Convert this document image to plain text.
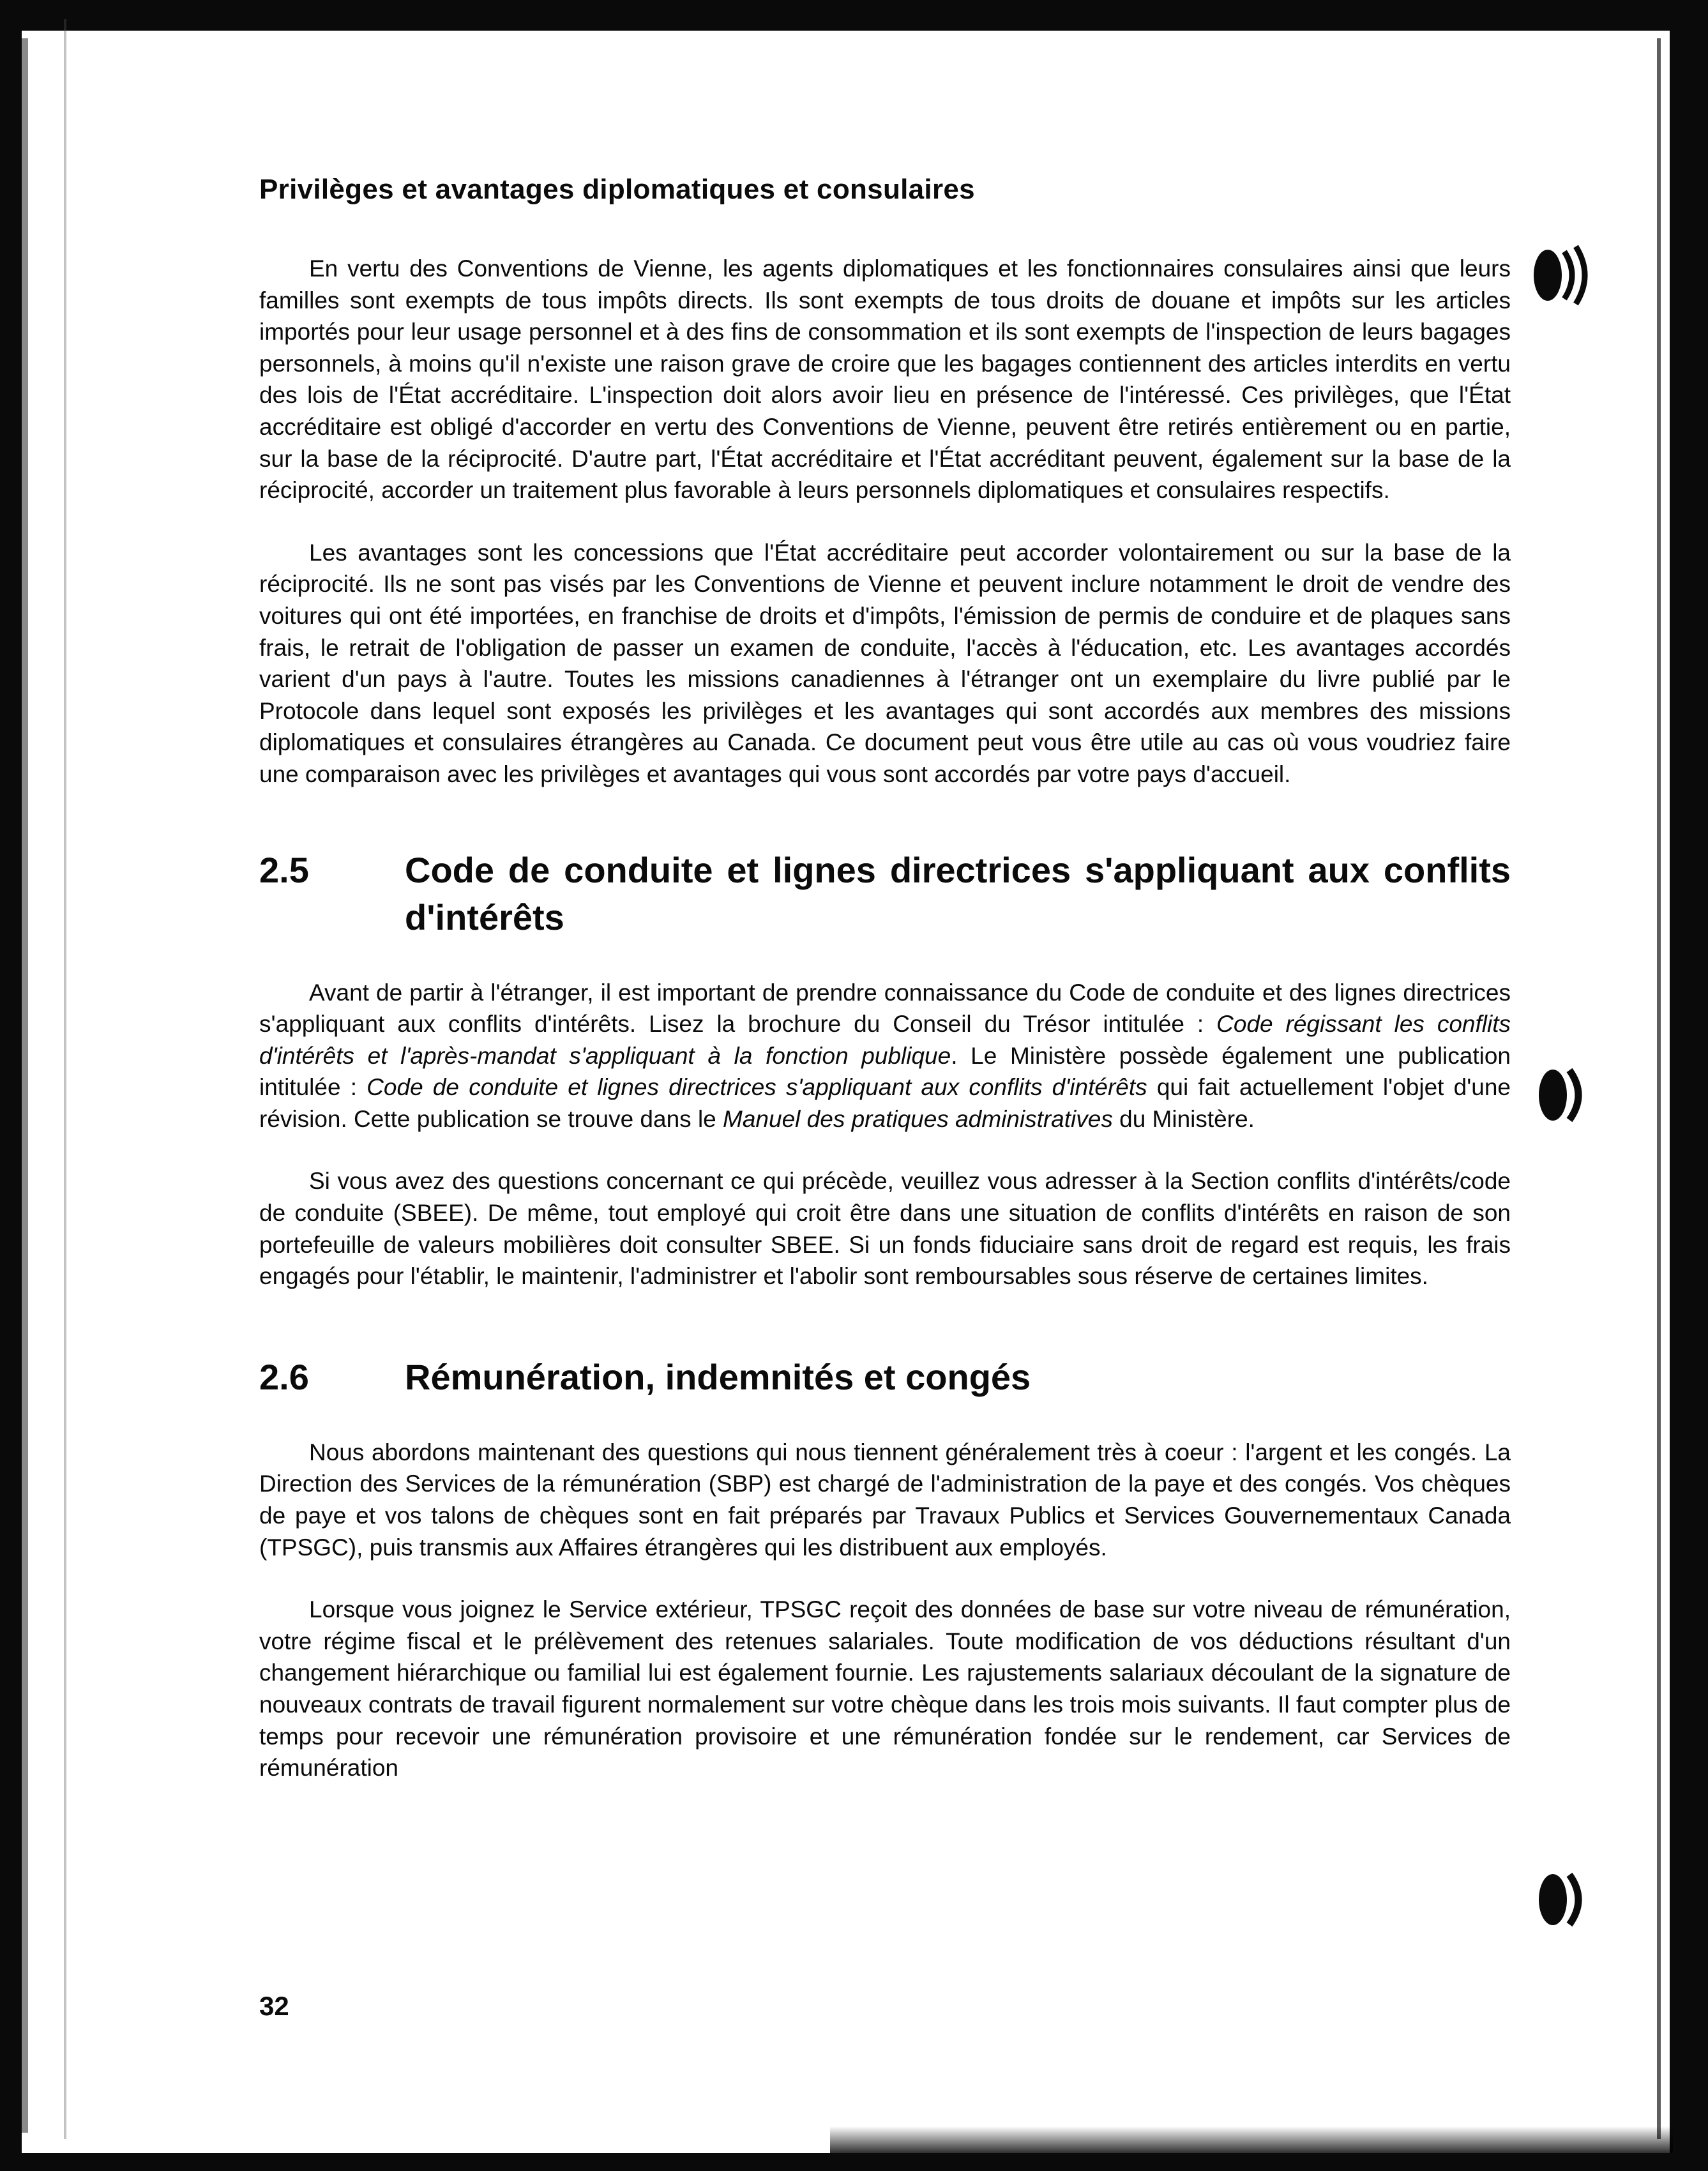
Privilèges et avantages diplomatiques et consulaires

En vertu des Conventions de Vienne, les agents diplomatiques et les fonctionnaires consulaires ainsi que leurs familles sont exempts de tous impôts directs. Ils sont exempts de tous droits de douane et impôts sur les articles importés pour leur usage personnel et à des fins de consommation et ils sont exempts de l'inspection de leurs bagages personnels, à moins qu'il n'existe une raison grave de croire que les bagages contiennent des articles interdits en vertu des lois de l'État accréditaire. L'inspection doit alors avoir lieu en présence de l'intéressé. Ces privilèges, que l'État accréditaire est obligé d'accorder en vertu des Conventions de Vienne, peuvent être retirés entièrement ou en partie, sur la base de la réciprocité. D'autre part, l'État accréditaire et l'État accréditant peuvent, également sur la base de la réciprocité, accorder un traitement plus favorable à leurs personnels diplomatiques et consulaires respectifs.

Les avantages sont les concessions que l'État accréditaire peut accorder volontairement ou sur la base de la réciprocité. Ils ne sont pas visés par les Conventions de Vienne et peuvent inclure notamment le droit de vendre des voitures qui ont été importées, en franchise de droits et d'impôts, l'émission de permis de conduire et de plaques sans frais, le retrait de l'obligation de passer un examen de conduite, l'accès à l'éducation, etc. Les avantages accordés varient d'un pays à l'autre. Toutes les missions canadiennes à l'étranger ont un exemplaire du livre publié par le Protocole dans lequel sont exposés les privilèges et les avantages qui sont accordés aux membres des missions diplomatiques et consulaires étrangères au Canada. Ce document peut vous être utile au cas où vous voudriez faire une comparaison avec les privilèges et avantages qui vous sont accordés par votre pays d'accueil.

2.5	Code de conduite et lignes directrices s'appliquant aux conflits d'intérêts

Avant de partir à l'étranger, il est important de prendre connaissance du Code de conduite et des lignes directrices s'appliquant aux conflits d'intérêts. Lisez la brochure du Conseil du Trésor intitulée : Code régissant les conflits d'intérêts et l'après-mandat s'appliquant à la fonction publique. Le Ministère possède également une publication intitulée : Code de conduite et lignes directrices s'appliquant aux conflits d'intérêts qui fait actuellement l'objet d'une révision. Cette publication se trouve dans le Manuel des pratiques administratives du Ministère.

Si vous avez des questions concernant ce qui précède, veuillez vous adresser à la Section conflits d'intérêts/code de conduite (SBEE). De même, tout employé qui croit être dans une situation de conflits d'intérêts en raison de son portefeuille de valeurs mobilières doit consulter SBEE. Si un fonds fiduciaire sans droit de regard est requis, les frais engagés pour l'établir, le maintenir, l'administrer et l'abolir sont remboursables sous réserve de certaines limites.

2.6	Rémunération, indemnités et congés

Nous abordons maintenant des questions qui nous tiennent généralement très à coeur : l'argent et les congés. La Direction des Services de la rémunération (SBP) est chargé de l'administration de la paye et des congés. Vos chèques de paye et vos talons de chèques sont en fait préparés par Travaux Publics et Services Gouvernementaux Canada (TPSGC), puis transmis aux Affaires étrangères qui les distribuent aux employés.

Lorsque vous joignez le Service extérieur, TPSGC reçoit des données de base sur votre niveau de rémunération, votre régime fiscal et le prélèvement des retenues salariales. Toute modification de vos déductions résultant d'un changement hiérarchique ou familial lui est également fournie. Les rajustements salariaux découlant de la signature de nouveaux contrats de travail figurent normalement sur votre chèque dans les trois mois suivants. Il faut compter plus de temps pour recevoir une rémunération provisoire et une rémunération fondée sur le rendement, car Services de rémunération

32
